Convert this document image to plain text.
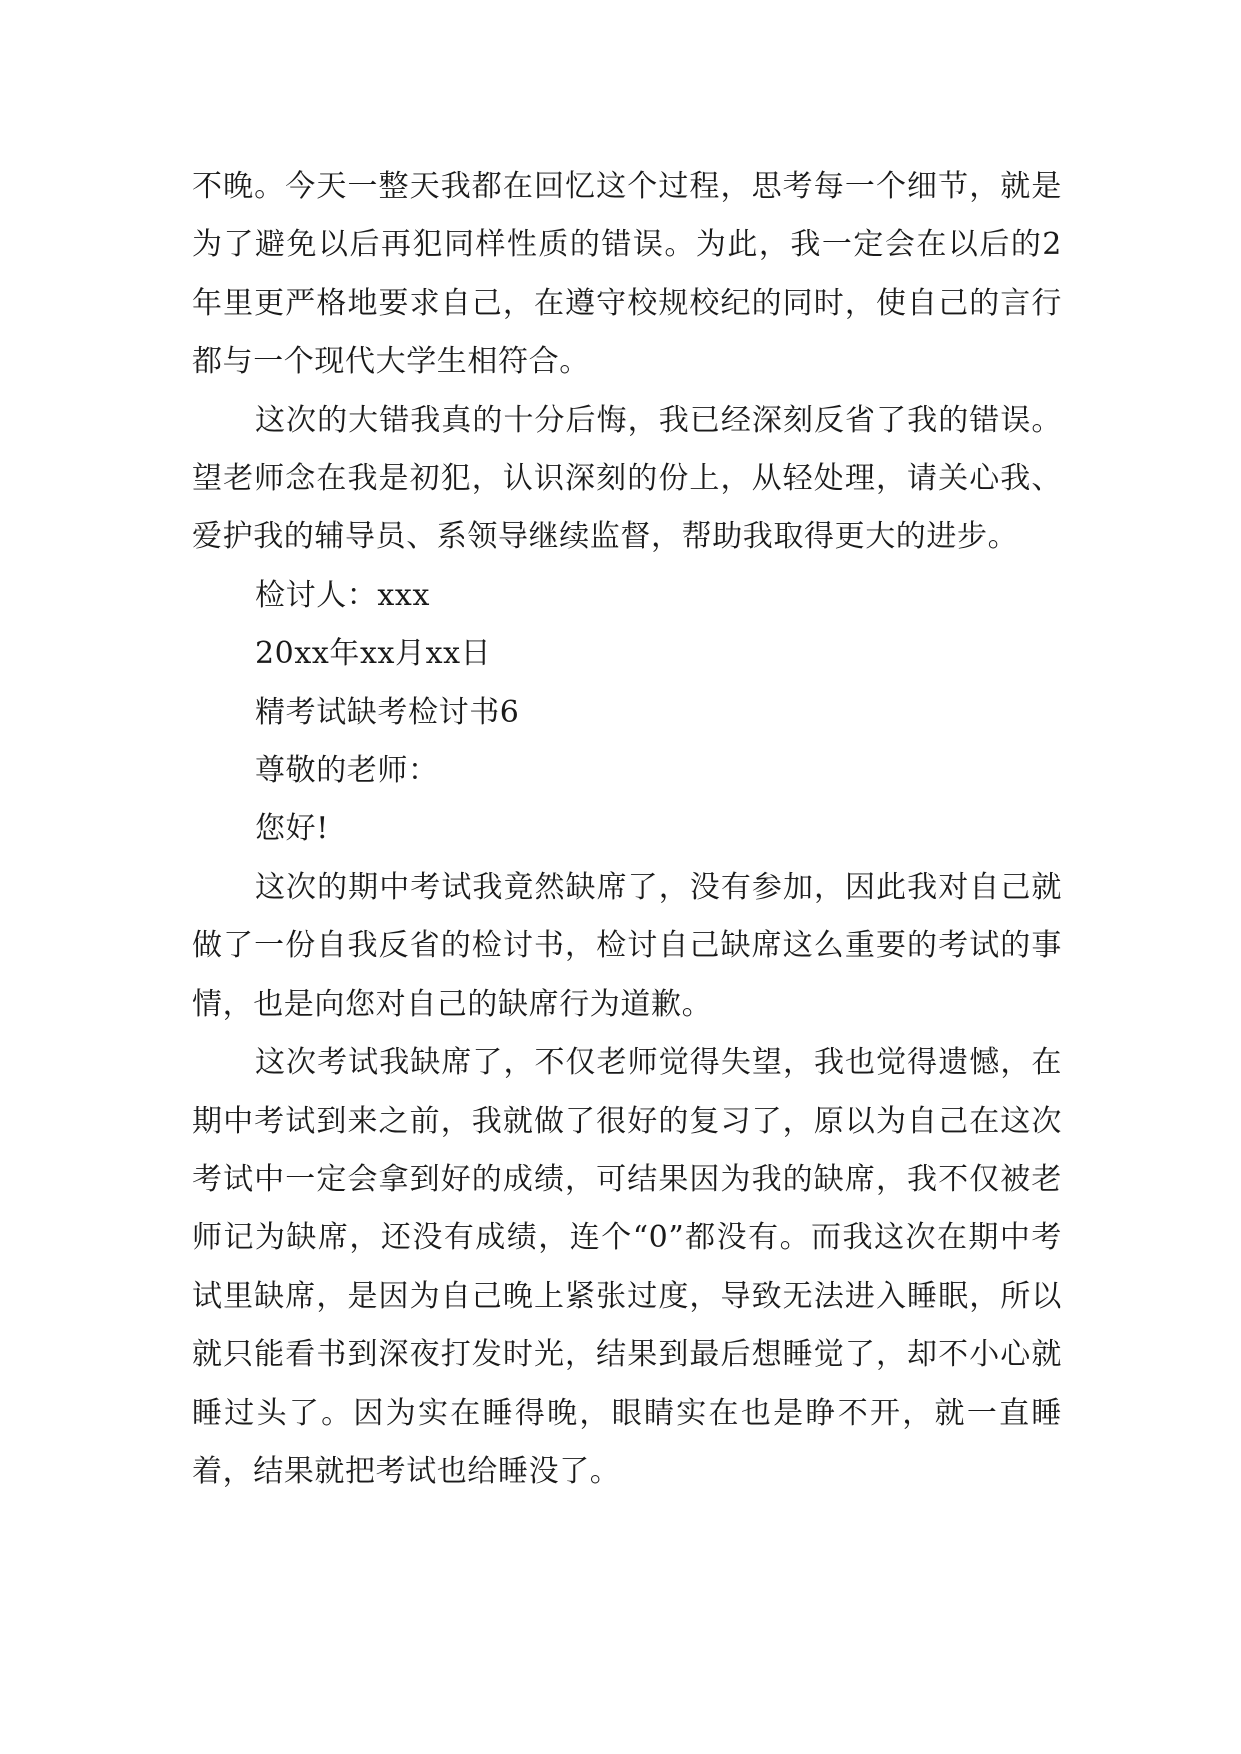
不晚。今天一整天我都在回忆这个过程，思考每一个细节，就是为了避免以后再犯同样性质的错误。为此，我一定会在以后的2年里更严格地要求自己，在遵守校规校纪的同时，使自己的言行都与一个现代大学生相符合。

这次的大错我真的十分后悔，我已经深刻反省了我的错误。望老师念在我是初犯，认识深刻的份上，从轻处理，请关心我、爱护我的辅导员、系领导继续监督，帮助我取得更大的进步。

检讨人：xxx

20xx年xx月xx日

精考试缺考检讨书6

尊敬的老师：

您好!

这次的期中考试我竟然缺席了，没有参加，因此我对自己就做了一份自我反省的检讨书，检讨自己缺席这么重要的考试的事情，也是向您对自己的缺席行为道歉。

这次考试我缺席了，不仅老师觉得失望，我也觉得遗憾，在期中考试到来之前，我就做了很好的复习了，原以为自己在这次考试中一定会拿到好的成绩，可结果因为我的缺席，我不仅被老师记为缺席，还没有成绩，连个“0”都没有。而我这次在期中考试里缺席，是因为自己晚上紧张过度，导致无法进入睡眠，所以就只能看书到深夜打发时光，结果到最后想睡觉了，却不小心就睡过头了。因为实在睡得晚，眼睛实在也是睁不开，就一直睡着，结果就把考试也给睡没了。
